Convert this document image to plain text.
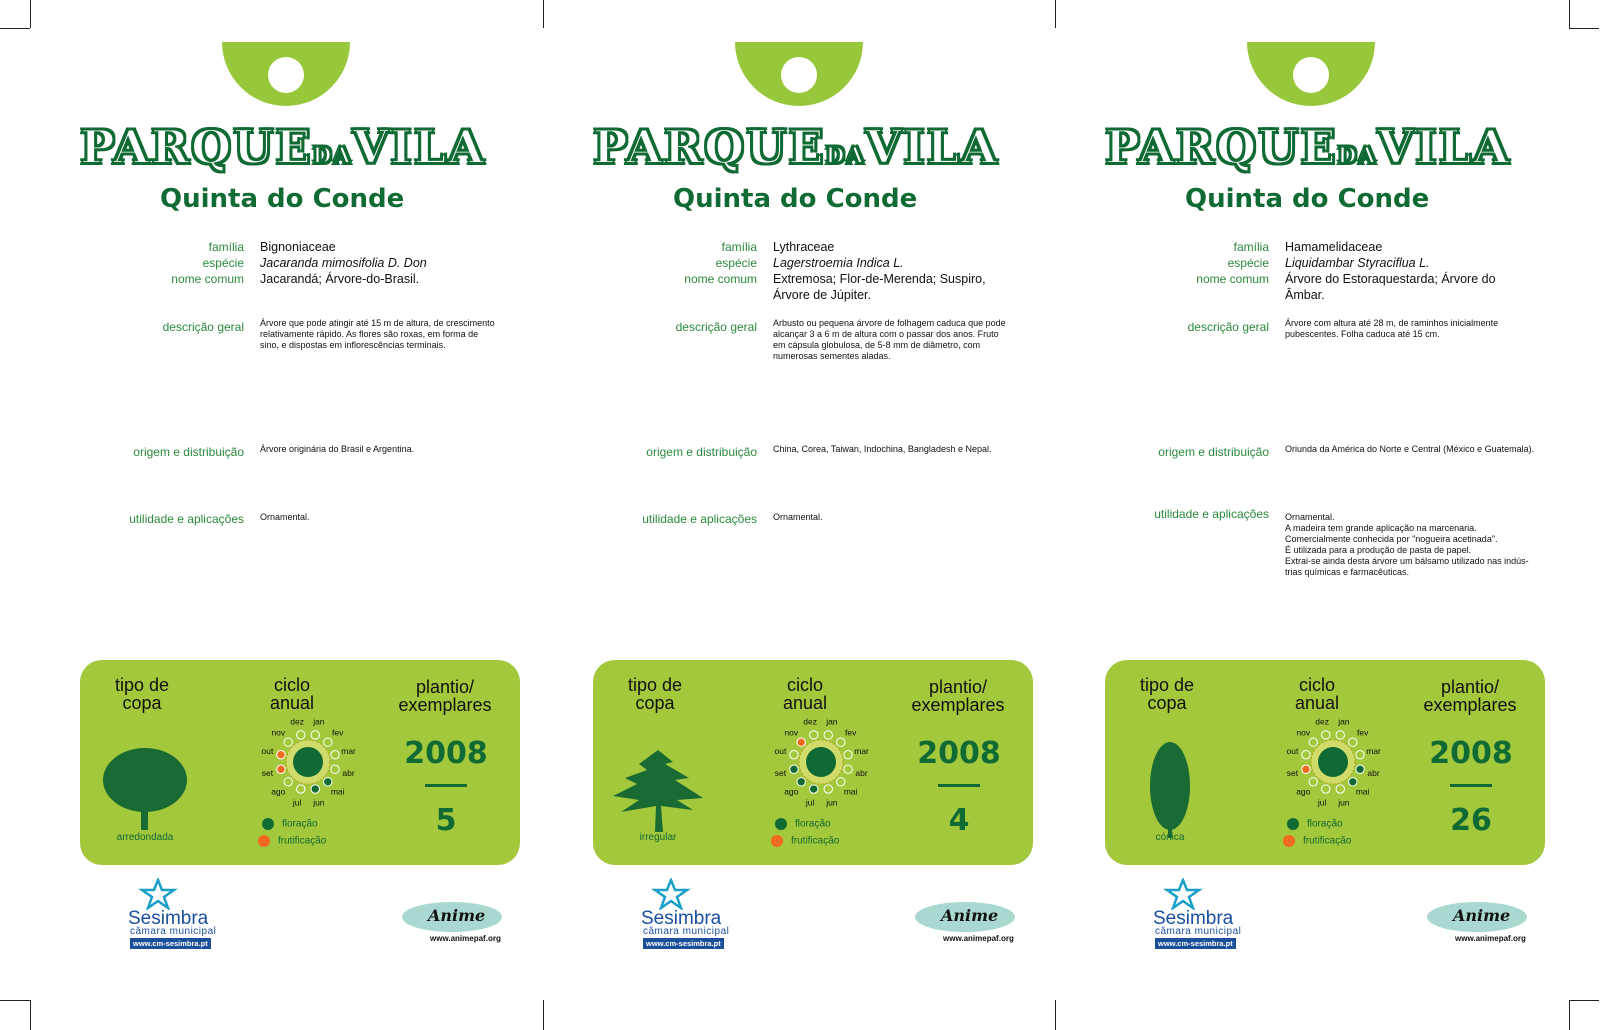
PARQUEDAVILA
Quinta do Conde
família
espécie
nome comum
Bignoniaceae
Jacaranda mimosifolia D. Don
Jacarandá; Árvore-do-Brasil.
descrição geral Árvore que pode atingir até 15 m de altura, de crescimento relativamente rápido. As flores são roxas, em forma de sino, e dispostas em inflorescências terminais.
origem e distribuição Árvore originária do Brasil e Argentina.
utilidade e aplicações Ornamental.
tipo de copa
ciclo anual
plantio/ exemplares
arredondada
jan
fev
mar
abr
mai
jun
jul
ago
set
out
nov
dez
floração
frutificação
2008
5
Sesimbra
câmara municipal
www.cm-sesimbra.pt
Anime
www.animepaf.org
PARQUEDAVILA
Quinta do Conde
família
espécie
nome comum
Lythraceae
Lagerstroemia Indica L.
Extremosa; Flor-de-Merenda; Suspiro, Árvore de Júpiter.
descrição geral Arbusto ou pequena árvore de folhagem caduca que pode alcançar 3 a 6 m de altura com o passar dos anos. Fruto em cápsula globulosa, de 5-8 mm de diâmetro, com numerosas sementes aladas.
origem e distribuição China, Corea, Taiwan, Indochina, Bangladesh e Nepal.
utilidade e aplicações Ornamental.
tipo de copa
ciclo anual
plantio/ exemplares
irregular
jan
fev
mar
abr
mai
jun
jul
ago
set
out
nov
dez
floração
frutificação
2008
4
Sesimbra
câmara municipal
www.cm-sesimbra.pt
Anime
www.animepaf.org
PARQUEDAVILA
Quinta do Conde
família
espécie
nome comum
Hamamelidaceae
Liquidambar Styraciflua L.
Árvore do Estoraquestarda; Árvore do Âmbar.
descrição geral Árvore com altura até 28 m, de raminhos inicialmente pubescentes. Folha caduca até 15 cm.
origem e distribuição Oriunda da América do Norte e Central (México e Guatemala).
utilidade e aplicações Ornamental.
A madeira tem grande aplicação na marcenaria.
Comercialmente conhecida por "nogueira acetinada".
É utilizada para a produção de pasta de papel.
Extrai-se ainda desta árvore um bálsamo utilizado nas indús-
trias químicas e farmacêuticas.
tipo de copa
ciclo anual
plantio/ exemplares
cónica
jan
fev
mar
abr
mai
jun
jul
ago
set
out
nov
dez
floração
frutificação
2008
26
Sesimbra
câmara municipal
www.cm-sesimbra.pt
Anime
www.animepaf.org
